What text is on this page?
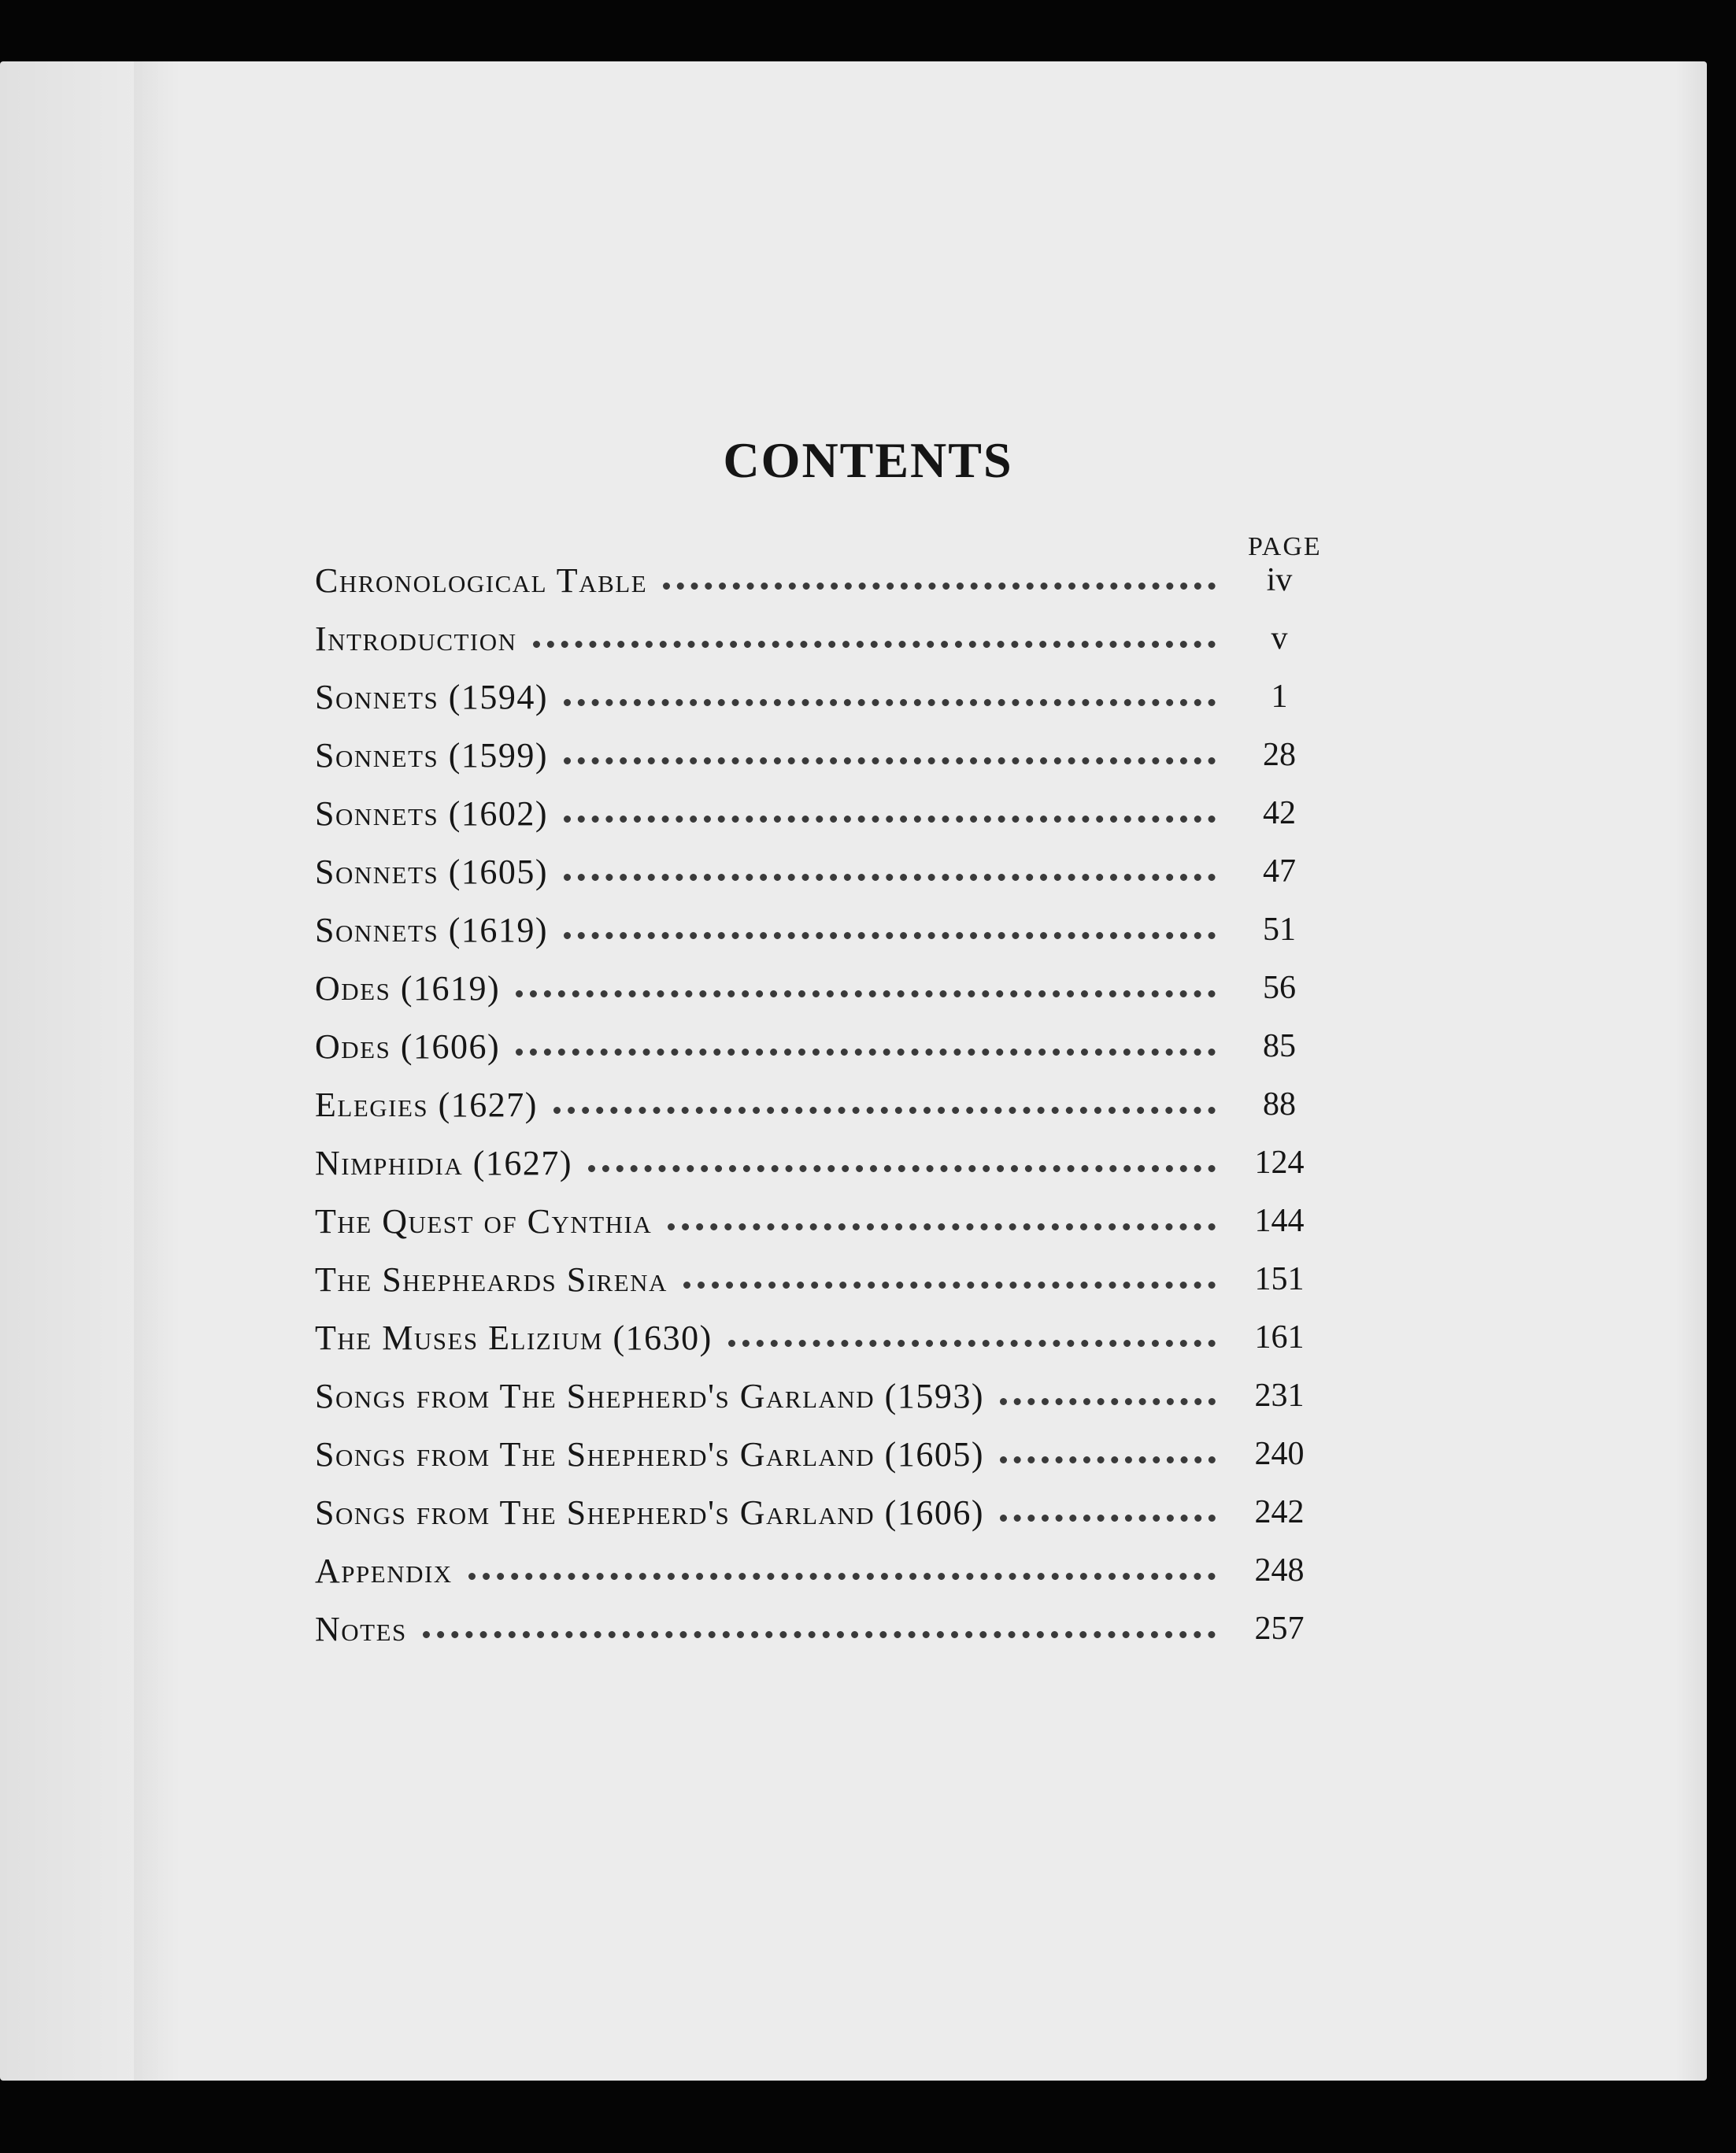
CONTENTS
PAGE
Chronological Table	iv
Introduction	v
Sonnets (1594)	1
Sonnets (1599)	28
Sonnets (1602)	42
Sonnets (1605)	47
Sonnets (1619)	51
Odes (1619)	56
Odes (1606)	85
Elegies (1627)	88
Nimphidia (1627)	124
The Quest of Cynthia	144
The Shepheards Sirena	151
The Muses Elizium (1630)	161
Songs from The Shepherd's Garland (1593)	231
Songs from The Shepherd's Garland (1605)	240
Songs from The Shepherd's Garland (1606)	242
Appendix	248
Notes	257
